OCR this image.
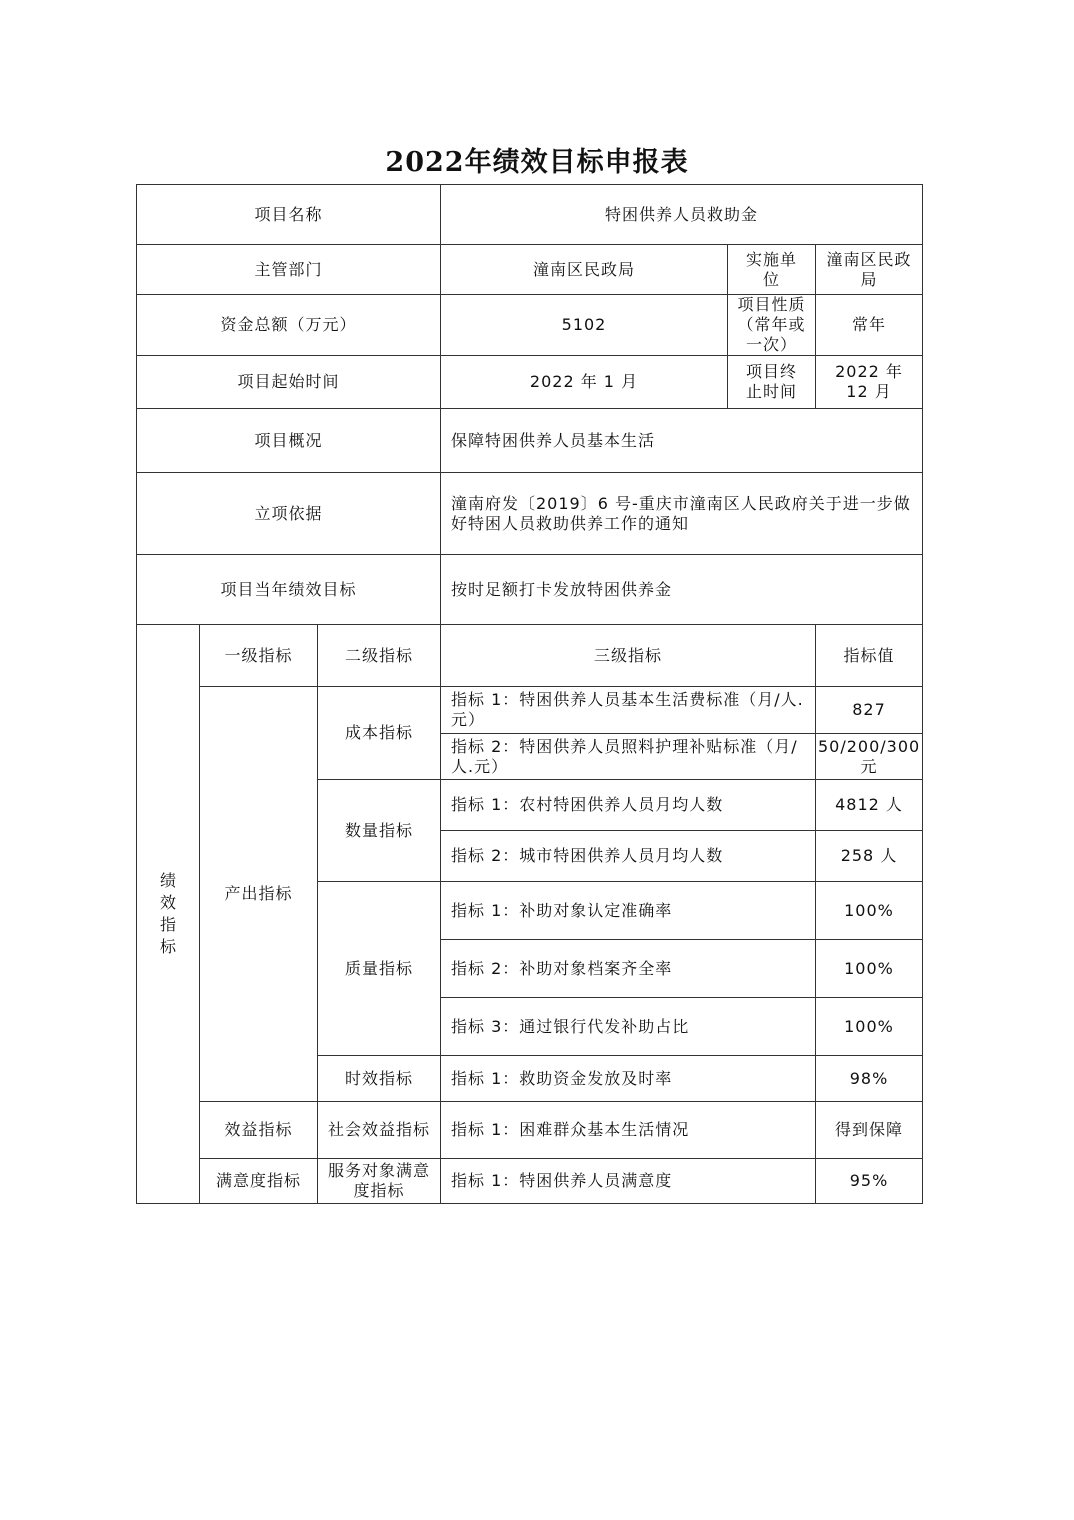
2022年绩效目标申报表
项目名称			特困供养人员救助金		
主管部门			潼南区民政局	实施单位	潼南区民政局
资金总额（万元）			5102	项目性质（常年或一次）	常年
项目起始时间			2022 年 1 月	项目终止时间	2022 年 12 月
项目概况			保障特困供养人员基本生活		
立项依据			潼南府发〔2019〕6 号-重庆市潼南区人民政府关于进一步做好特困人员救助供养工作的通知		
项目当年绩效目标			按时足额打卡发放特困供养金		
绩效指标	一级指标	二级指标	三级指标		指标值
	产出指标	成本指标	指标 1：特困供养人员基本生活费标准（月/人.元）		827
			指标 2：特困供养人员照料护理补贴标准（月/人.元）		50/200/300 元
		数量指标	指标 1：农村特困供养人员月均人数		4812 人
			指标 2：城市特困供养人员月均人数		258 人
		质量指标	指标 1：补助对象认定准确率		100%
			指标 2：补助对象档案齐全率		100%
			指标 3：通过银行代发补助占比		100%
		时效指标	指标 1：救助资金发放及时率		98%
	效益指标	社会效益指标	指标 1：困难群众基本生活情况		得到保障
	满意度指标	服务对象满意度指标	指标 1：特困供养人员满意度		95%
